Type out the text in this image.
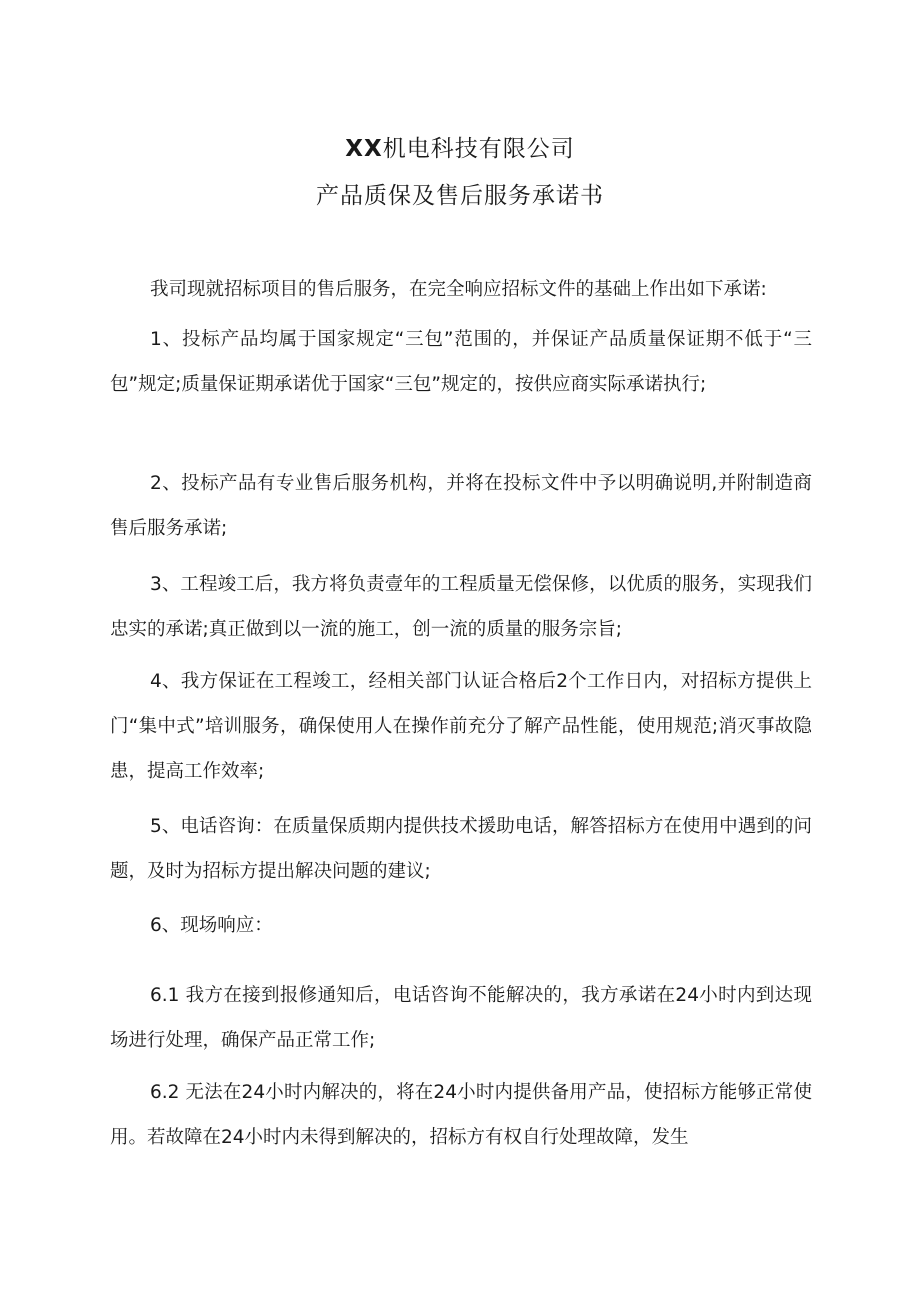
XX机电科技有限公司
产品质保及售后服务承诺书

我司现就招标项目的售后服务，在完全响应招标文件的基础上作出如下承诺:

1、投标产品均属于国家规定“三包”范围的，并保证产品质量保证期不低于“三包”规定;质量保证期承诺优于国家“三包”规定的，按供应商实际承诺执行;

2、投标产品有专业售后服务机构，并将在投标文件中予以明确说明,并附制造商售后服务承诺;

3、工程竣工后，我方将负责壹年的工程质量无偿保修，以优质的服务，实现我们忠实的承诺;真正做到以一流的施工，创一流的质量的服务宗旨;

4、我方保证在工程竣工，经相关部门认证合格后2个工作日内，对招标方提供上门“集中式”培训服务，确保使用人在操作前充分了解产品性能，使用规范;消灭事故隐患，提高工作效率;

5、电话咨询：在质量保质期内提供技术援助电话，解答招标方在使用中遇到的问题，及时为招标方提出解决问题的建议;

6、现场响应：

6.1 我方在接到报修通知后，电话咨询不能解决的，我方承诺在24小时内到达现场进行处理，确保产品正常工作;

6.2 无法在24小时内解决的，将在24小时内提供备用产品，使招标方能够正常使用。若故障在24小时内未得到解决的，招标方有权自行处理故障，发生
